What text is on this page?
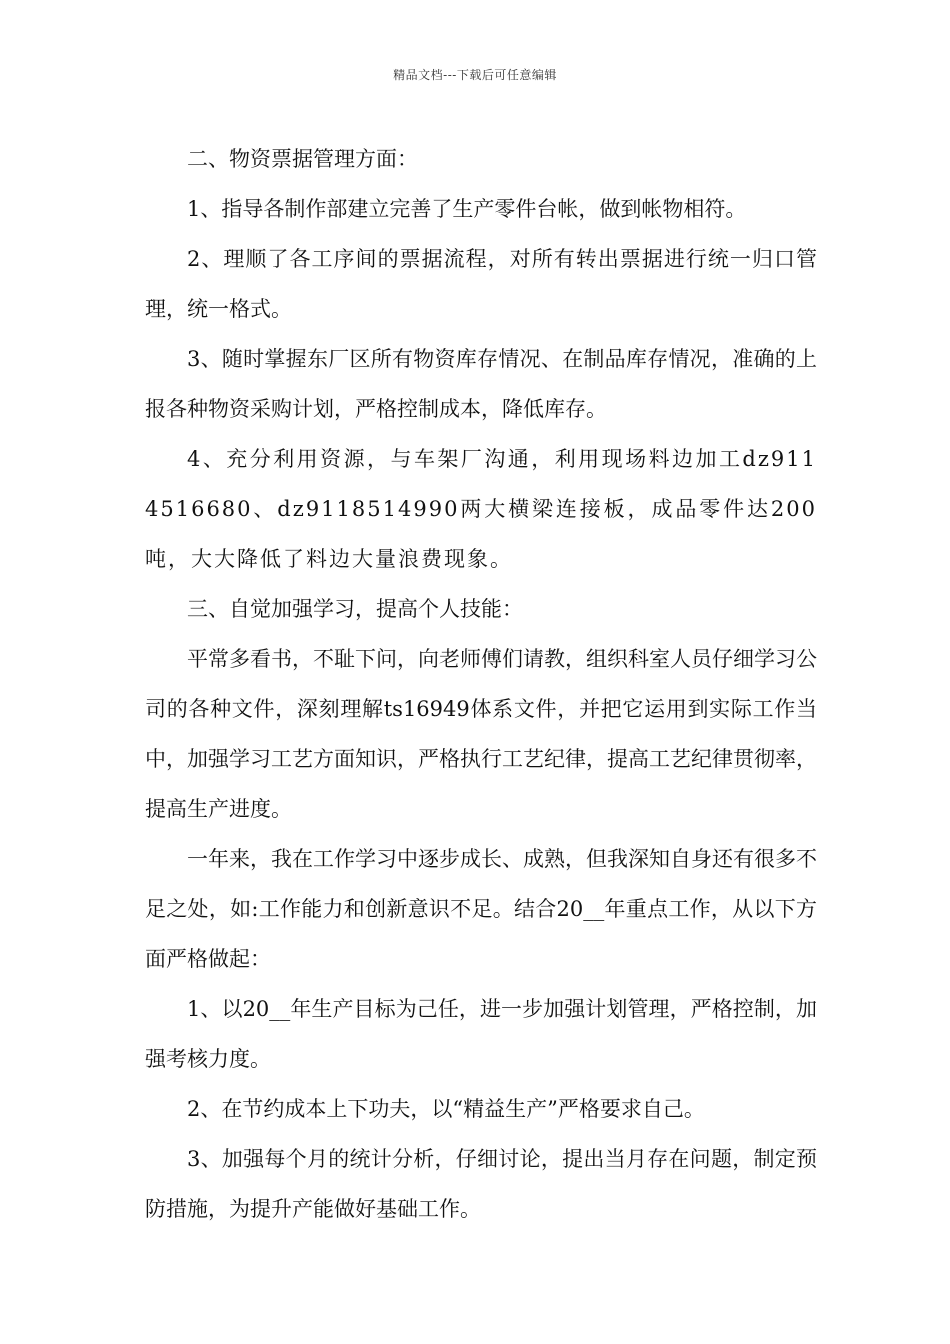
精品文档---下载后可任意编辑

二、物资票据管理方面：

1、指导各制作部建立完善了生产零件台帐，做到帐物相符。

2、理顺了各工序间的票据流程，对所有转出票据进行统一归口管理，统一格式。

3、随时掌握东厂区所有物资库存情况、在制品库存情况，准确的上报各种物资采购计划，严格控制成本，降低库存。

4、充分利用资源，与车架厂沟通，利用现场料边加工dz9114516680、dz9118514990两大横梁连接板，成品零件达200吨，大大降低了料边大量浪费现象。

三、自觉加强学习，提高个人技能：

平常多看书，不耻下问，向老师傅们请教，组织科室人员仔细学习公司的各种文件，深刻理解ts16949体系文件，并把它运用到实际工作当中，加强学习工艺方面知识，严格执行工艺纪律，提高工艺纪律贯彻率，提高生产进度。

一年来，我在工作学习中逐步成长、成熟，但我深知自身还有很多不足之处，如:工作能力和创新意识不足。结合20__年重点工作，从以下方面严格做起：

1、以20__年生产目标为己任，进一步加强计划管理，严格控制，加强考核力度。

2、在节约成本上下功夫，以“精益生产”严格要求自己。

3、加强每个月的统计分析，仔细讨论，提出当月存在问题，制定预防措施，为提升产能做好基础工作。
